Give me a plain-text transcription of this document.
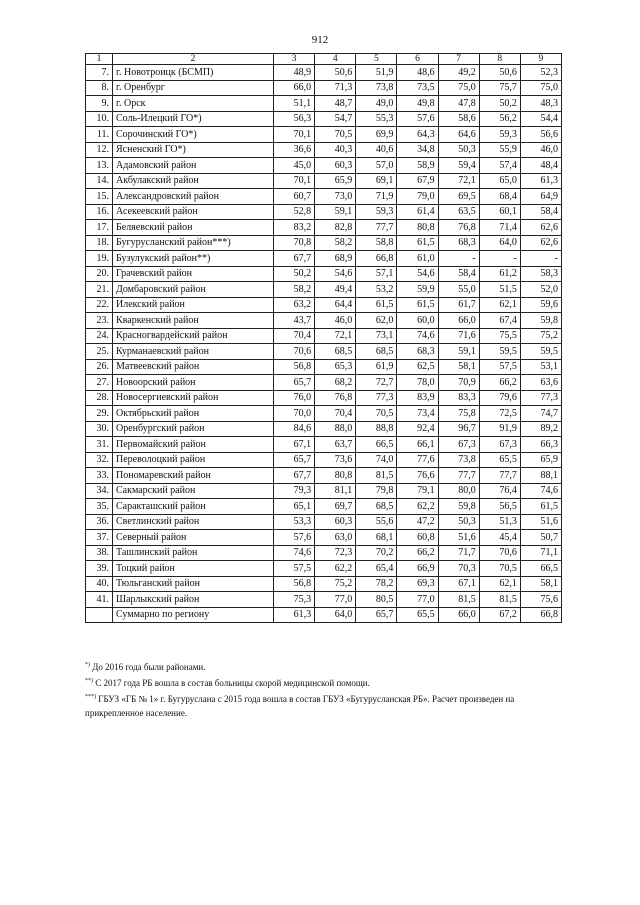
912
1	2	3	4	5	6	7	8	9
7.	г. Новотроицк (БСМП)	48,9	50,6	51,9	48,6	49,2	50,6	52,3
8.	г. Оренбург	66,0	71,3	73,8	73,5	75,0	75,7	75,0
9.	г. Орск	51,1	48,7	49,0	49,8	47,8	50,2	48,3
10.	Соль-Илецкий ГО*)	56,3	54,7	55,3	57,6	58,6	56,2	54,4
11.	Сорочинский ГО*)	70,1	70,5	69,9	64,3	64,6	59,3	56,6
12.	Ясненский ГО*)	36,6	40,3	40,6	34,8	50,3	55,9	46,0
13.	Адамовский район	45,0	60,3	57,0	58,9	59,4	57,4	48,4
14.	Акбулакский район	70,1	65,9	69,1	67,9	72,1	65,0	61,3
15.	Александровский район	60,7	73,0	71,9	79,0	69,5	68,4	64,9
16.	Асекеевский район	52,8	59,1	59,3	61,4	63,5	60,1	58,4
17.	Беляевский район	83,2	82,8	77,7	80,8	76,8	71,4	62,6
18.	Бугурусланский район***)	70,8	58,2	58,8	61,5	68,3	64,0	62,6
19.	Бузулукский район**)	67,7	68,9	66,8	61,0	-	-	-
20.	Грачевский район	50,2	54,6	57,1	54,6	58,4	61,2	58,3
21.	Домбаровский район	58,2	49,4	53,2	59,9	55,0	51,5	52,0
22.	Илекский район	63,2	64,4	61,5	61,5	61,7	62,1	59,6
23.	Кваркенский район	43,7	46,0	62,0	60,0	66,0	67,4	59,8
24.	Красногвардейский район	70,4	72,1	73,1	74,6	71,6	75,5	75,2
25.	Курманаевский район	70,6	68,5	68,5	68,3	59,1	59,5	59,5
26.	Матвеевский район	56,8	65,3	61,9	62,5	58,1	57,5	53,1
27.	Новоорский район	65,7	68,2	72,7	78,0	70,9	66,2	63,6
28.	Новосергиевский район	76,0	76,8	77,3	83,9	83,3	79,6	77,3
29.	Октябрьский район	70,0	70,4	70,5	73,4	75,8	72,5	74,7
30.	Оренбургский район	84,6	88,0	88,8	92,4	96,7	91,9	89,2
31.	Первомайский район	67,1	63,7	66,5	66,1	67,3	67,3	66,3
32.	Переволоцкий район	65,7	73,6	74,0	77,6	73,8	65,5	65,9
33.	Пономаревский район	67,7	80,8	81,5	76,6	77,7	77,7	88,1
34.	Сакмарский район	79,3	81,1	79,8	79,1	80,0	76,4	74,6
35.	Саракташский район	65,1	69,7	68,5	62,2	59,8	56,5	61,5
36.	Светлинский район	53,3	60,3	55,6	47,2	50,3	51,3	51,6
37.	Северный район	57,6	63,0	68,1	60,8	51,6	45,4	50,7
38.	Ташлинский район	74,6	72,3	70,2	66,2	71,7	70,6	71,1
39.	Тоцкий район	57,5	62,2	65,4	66,9	70,3	70,5	66,5
40.	Тюльганский район	56,8	75,2	78,2	69,3	67,1	62,1	58,1
41.	Шарлыкский район	75,3	77,0	80,5	77,0	81,5	81,5	75,6
	Суммарно по региону	61,3	64,0	65,7	65,5	66,0	67,2	66,8

*) До 2016 года были районами.

**) С 2017 года РБ вошла в состав больницы скорой медицинской помощи.

***) ГБУЗ «ГБ № 1» г. Бугуруслана с 2015 года вошла в состав ГБУЗ «Бугурусланская РБ». Расчет произведен на прикрепленное население.
